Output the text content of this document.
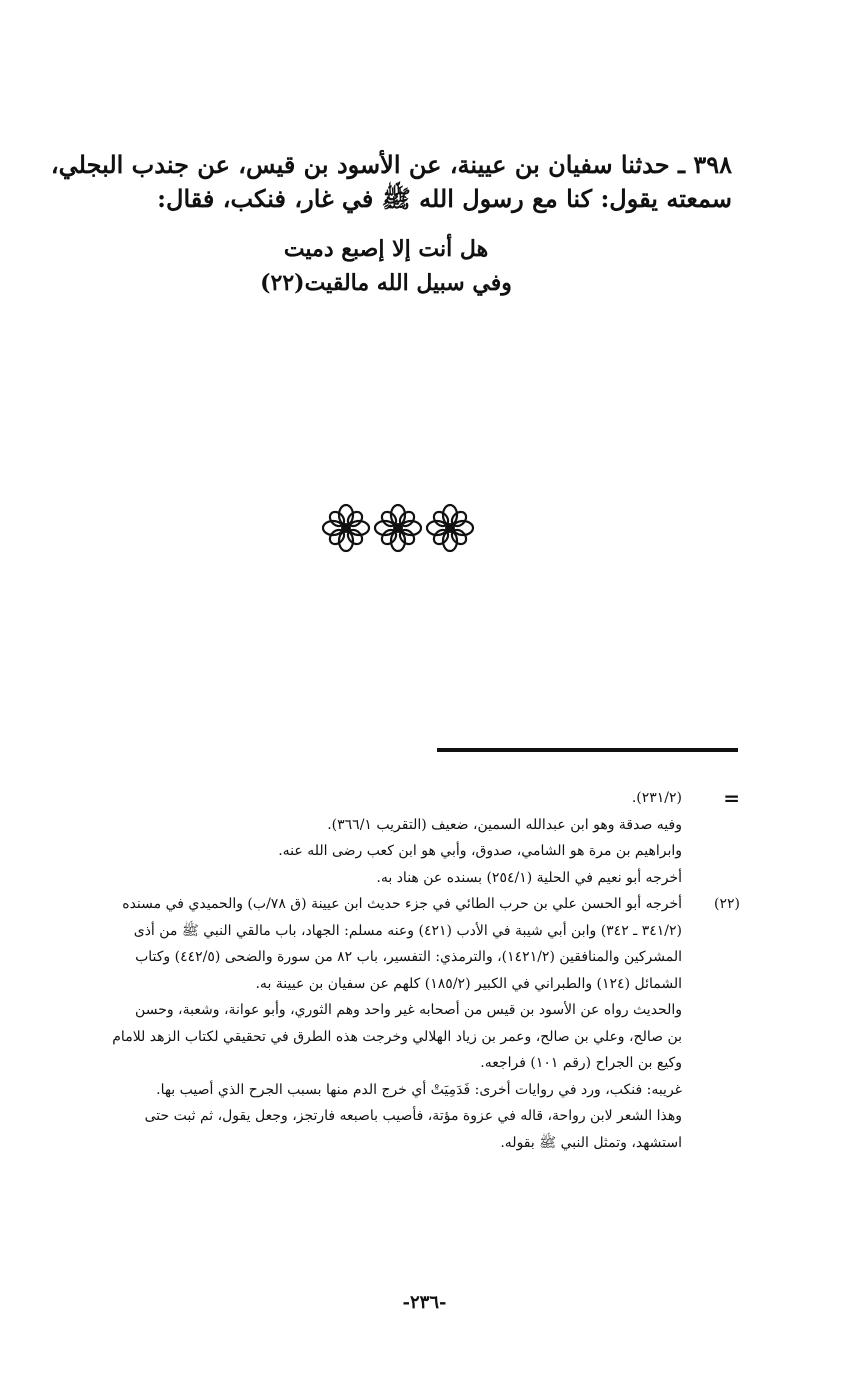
٣٩٨ ـ حدثنا سفيان بن عيينة، عن الأسود بن قيس، عن جندب البجلي،

سمعته يقول: كنا مع رسول الله ﷺ في غار، فنكب، فقال:

هل أنت إلا إصبع دميت
وفي سبيل الله مالقيت(٢٢)
=

(٢٣١/٢).

وفيه صدقة وهو ابن عبدالله السمين، ضعيف (التقريب ٣٦٦/١).

وابراهيم بن مرة هو الشامي، صدوق، وأبي هو ابن كعب رضى الله عنه.

أخرجه أبو نعيم في الحلية (٢٥٤/١) بسنده عن هناد به.

(٢٢)

أخرجه أبو الحسن علي بن حرب الطائي في جزء حديث ابن عيينة (ق ٧٨/ب) والحميدي في مسنده

(٣٤١/٢ ـ ٣٤٢) وابن أبي شيبة في الأدب (٤٢١) وعنه مسلم: الجهاد، باب مالقي النبي ﷺ من أذى

المشركين والمنافقين (١٤٢١/٢)، والترمذي: التفسير، باب ٨٢ من سورة والضحى (٤٤٢/٥) وكتاب

الشمائل (١٢٤) والطبراني في الكبير (١٨٥/٢) كلهم عن سفيان بن عيينة به.

والحديث رواه عن الأسود بن قيس من أصحابه غير واحد وهم الثوري، وأبو عوانة، وشعبة، وحسن

بن صالح، وعلي بن صالح، وعمر بن زياد الهلالي وخرجت هذه الطرق في تحقيقي لكتاب الزهد للامام

وكيع بن الجراح (رقم ١٠١) فراجعه.

غريبه: فنكب، ورد في روايات أخرى: فَدَمِيَتْ أي خرج الدم منها بسبب الجرح الذي أصيب بها.

وهذا الشعر لابن رواحة، قاله في عزوة مؤتة، فأصيب باصبعه فارتجز، وجعل يقول، ثم ثبت حتى

استشهد، وتمثل النبي ﷺ بقوله.

-٢٣٦-
